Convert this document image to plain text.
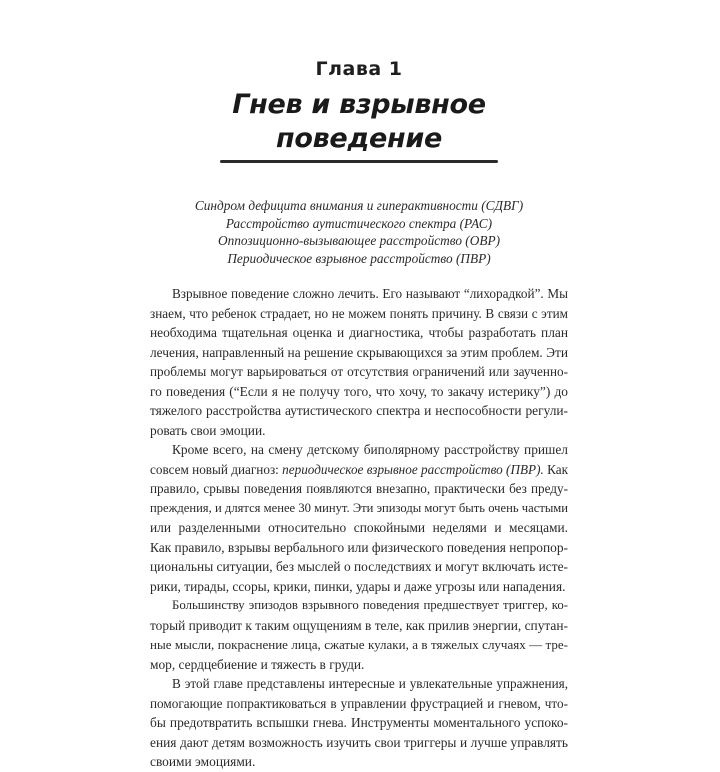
Глава 1
Гнев и взрывное поведение
Синдром дефицита внимания и гиперактивности (СДВГ)
Расстройство аутистического спектра (РАС)
Оппозиционно-вызывающее расстройство (ОВР)
Периодическое взрывное расстройство (ПВР)

Взрывное поведение сложно лечить. Его называют “лихорадкой”. Мы
знаем, что ребенок страдает, но не можем понять причину. В связи с этим
необходима тщательная оценка и диагностика, чтобы разработать план
лечения, направленный на решение скрывающихся за этим проблем. Эти
проблемы могут варьироваться от отсутствия ограничений или заученно-
го поведения (“Если я не получу того, что хочу, то закачу истерику”) до
тяжелого расстройства аутистического спектра и неспособности регули-
ровать свои эмоции.

Кроме всего, на смену детскому биполярному расстройству пришел
совсем новый диагноз: периодическое взрывное расстройство (ПВР). Как
правило, срывы поведения появляются внезапно, практически без преду-
преждения, и длятся менее 30 минут. Эти эпизоды могут быть очень частыми
или разделенными относительно спокойными неделями и месяцами.
Как правило, взрывы вербального или физического поведения непропор-
циональны ситуации, без мыслей о последствиях и могут включать исте-
рики, тирады, ссоры, крики, пинки, удары и даже угрозы или нападения.

Большинству эпизодов взрывного поведения предшествует триггер, ко-
торый приводит к таким ощущениям в теле, как прилив энергии, спутан-
ные мысли, покраснение лица, сжатые кулаки, а в тяжелых случаях — тре-
мор, сердцебиение и тяжесть в груди.

В этой главе представлены интересные и увлекательные упражнения,
помогающие попрактиковаться в управлении фрустрацией и гневом, что-
бы предотвратить вспышки гнева. Инструменты моментального успоко-
ения дают детям возможность изучить свои триггеры и лучше управлять
своими эмоциями.
